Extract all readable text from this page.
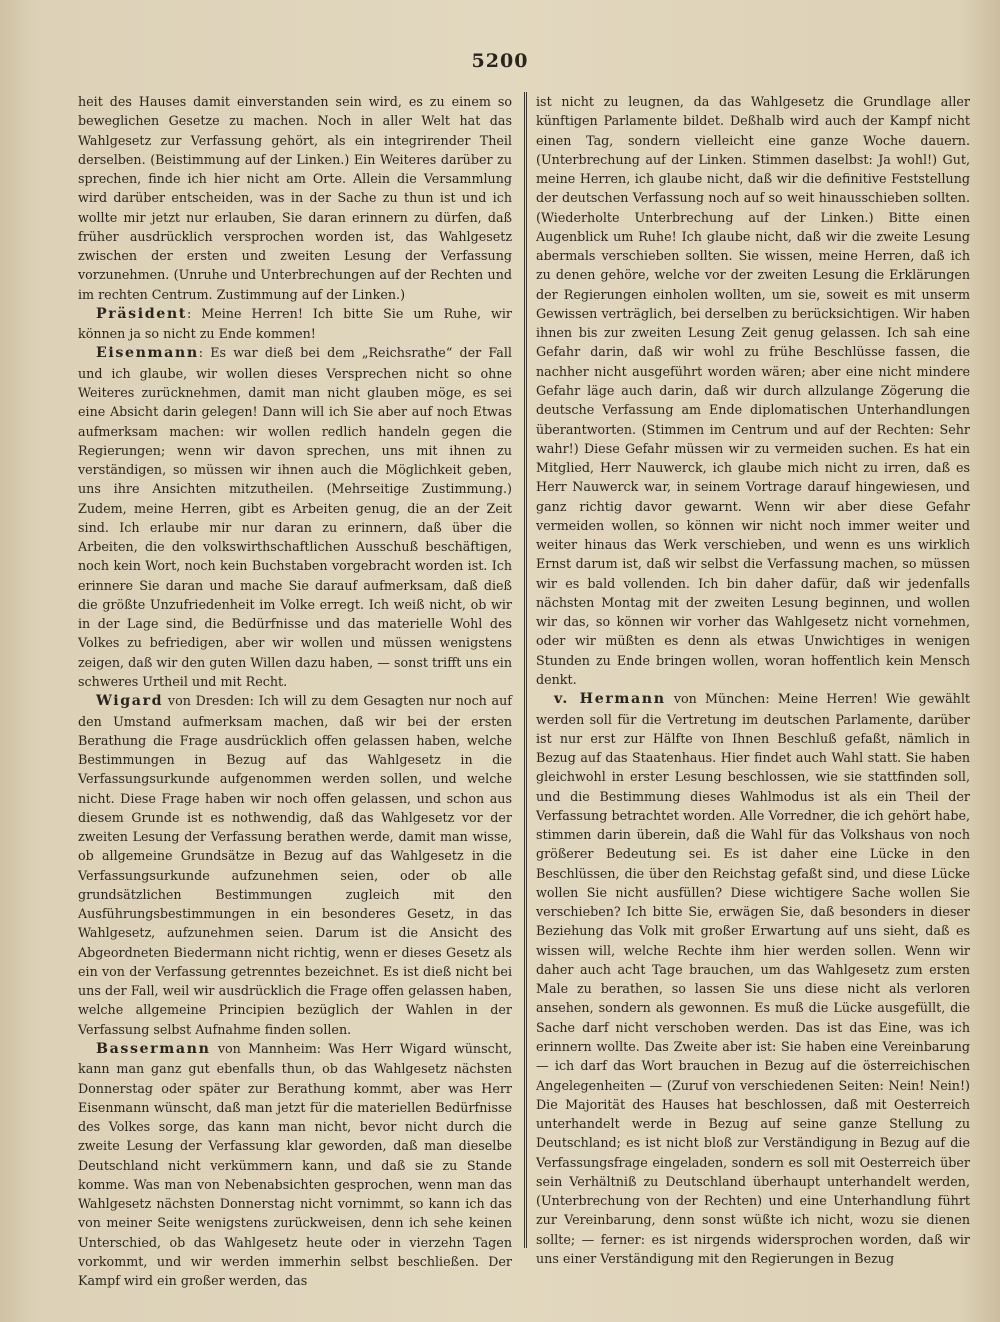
5200

heit des Hauses damit einverstanden sein wird, es zu einem so beweglichen Gesetze zu machen. Noch in aller Welt hat das Wahlgesetz zur Verfassung gehört, als ein integrirender Theil derselben. (Beistimmung auf der Linken.) Ein Weiteres darüber zu sprechen, finde ich hier nicht am Orte. Allein die Versammlung wird darüber entscheiden, was in der Sache zu thun ist und ich wollte mir jetzt nur erlauben, Sie daran erinnern zu dürfen, daß früher ausdrücklich versprochen worden ist, das Wahlgesetz zwischen der ersten und zweiten Lesung der Verfassung vorzunehmen. (Unruhe und Unterbrechungen auf der Rechten und im rechten Centrum. Zustimmung auf der Linken.)

Präsident: Meine Herren! Ich bitte Sie um Ruhe, wir können ja so nicht zu Ende kommen!

Eisenmann: Es war dieß bei dem „Reichsrathe“ der Fall und ich glaube, wir wollen dieses Versprechen nicht so ohne Weiteres zurücknehmen, damit man nicht glauben möge, es sei eine Absicht darin gelegen! Dann will ich Sie aber auf noch Etwas aufmerksam machen: wir wollen redlich handeln gegen die Regierungen; wenn wir davon sprechen, uns mit ihnen zu verständigen, so müssen wir ihnen auch die Möglichkeit geben, uns ihre Ansichten mitzutheilen. (Mehrseitige Zustimmung.) Zudem, meine Herren, gibt es Arbeiten genug, die an der Zeit sind. Ich erlaube mir nur daran zu erinnern, daß über die Arbeiten, die den volkswirthschaftlichen Ausschuß beschäftigen, noch kein Wort, noch kein Buchstaben vorgebracht worden ist. Ich erinnere Sie daran und mache Sie darauf aufmerksam, daß dieß die größte Unzufriedenheit im Volke erregt. Ich weiß nicht, ob wir in der Lage sind, die Bedürfnisse und das materielle Wohl des Volkes zu befriedigen, aber wir wollen und müssen wenigstens zeigen, daß wir den guten Willen dazu haben, — sonst trifft uns ein schweres Urtheil und mit Recht.

Wigard von Dresden: Ich will zu dem Gesagten nur noch auf den Umstand aufmerksam machen, daß wir bei der ersten Berathung die Frage ausdrücklich offen gelassen haben, welche Bestimmungen in Bezug auf das Wahlgesetz in die Verfassungsurkunde aufgenommen werden sollen, und welche nicht. Diese Frage haben wir noch offen gelassen, und schon aus diesem Grunde ist es nothwendig, daß das Wahlgesetz vor der zweiten Lesung der Verfassung berathen werde, damit man wisse, ob allgemeine Grundsätze in Bezug auf das Wahlgesetz in die Verfassungsurkunde aufzunehmen seien, oder ob alle grundsätzlichen Bestimmungen zugleich mit den Ausführungsbestimmungen in ein besonderes Gesetz, in das Wahlgesetz, aufzunehmen seien. Darum ist die Ansicht des Abgeordneten Biedermann nicht richtig, wenn er dieses Gesetz als ein von der Verfassung getrenntes bezeichnet. Es ist dieß nicht bei uns der Fall, weil wir ausdrücklich die Frage offen gelassen haben, welche allgemeine Principien bezüglich der Wahlen in der Verfassung selbst Aufnahme finden sollen.

Bassermann von Mannheim: Was Herr Wigard wünscht, kann man ganz gut ebenfalls thun, ob das Wahlgesetz nächsten Donnerstag oder später zur Berathung kommt, aber was Herr Eisenmann wünscht, daß man jetzt für die materiellen Bedürfnisse des Volkes sorge, das kann man nicht, bevor nicht durch die zweite Lesung der Verfassung klar geworden, daß man dieselbe Deutschland nicht verkümmern kann, und daß sie zu Stande komme. Was man von Nebenabsichten gesprochen, wenn man das Wahlgesetz nächsten Donnerstag nicht vornimmt, so kann ich das von meiner Seite wenigstens zurückweisen, denn ich sehe keinen Unterschied, ob das Wahlgesetz heute oder in vierzehn Tagen vorkommt, und wir werden immerhin selbst beschließen. Der Kampf wird ein großer werden, das

ist nicht zu leugnen, da das Wahlgesetz die Grundlage aller künftigen Parlamente bildet. Deßhalb wird auch der Kampf nicht einen Tag, sondern vielleicht eine ganze Woche dauern. (Unterbrechung auf der Linken. Stimmen daselbst: Ja wohl!) Gut, meine Herren, ich glaube nicht, daß wir die definitive Feststellung der deutschen Verfassung noch auf so weit hinausschieben sollten. (Wiederholte Unterbrechung auf der Linken.) Bitte einen Augenblick um Ruhe! Ich glaube nicht, daß wir die zweite Lesung abermals verschieben sollten. Sie wissen, meine Herren, daß ich zu denen gehöre, welche vor der zweiten Lesung die Erklärungen der Regierungen einholen wollten, um sie, soweit es mit unserm Gewissen verträglich, bei derselben zu berücksichtigen. Wir haben ihnen bis zur zweiten Lesung Zeit genug gelassen. Ich sah eine Gefahr darin, daß wir wohl zu frühe Beschlüsse fassen, die nachher nicht ausgeführt worden wären; aber eine nicht mindere Gefahr läge auch darin, daß wir durch allzulange Zögerung die deutsche Verfassung am Ende diplomatischen Unterhandlungen überantworten. (Stimmen im Centrum und auf der Rechten: Sehr wahr!) Diese Gefahr müssen wir zu vermeiden suchen. Es hat ein Mitglied, Herr Nauwerck, ich glaube mich nicht zu irren, daß es Herr Nauwerck war, in seinem Vortrage darauf hingewiesen, und ganz richtig davor gewarnt. Wenn wir aber diese Gefahr vermeiden wollen, so können wir nicht noch immer weiter und weiter hinaus das Werk verschieben, und wenn es uns wirklich Ernst darum ist, daß wir selbst die Verfassung machen, so müssen wir es bald vollenden. Ich bin daher dafür, daß wir jedenfalls nächsten Montag mit der zweiten Lesung beginnen, und wollen wir das, so können wir vorher das Wahlgesetz nicht vornehmen, oder wir müßten es denn als etwas Unwichtiges in wenigen Stunden zu Ende bringen wollen, woran hoffentlich kein Mensch denkt.

v. Hermann von München: Meine Herren! Wie gewählt werden soll für die Vertretung im deutschen Parlamente, darüber ist nur erst zur Hälfte von Ihnen Beschluß gefaßt, nämlich in Bezug auf das Staatenhaus. Hier findet auch Wahl statt. Sie haben gleichwohl in erster Lesung beschlossen, wie sie stattfinden soll, und die Bestimmung dieses Wahlmodus ist als ein Theil der Verfassung betrachtet worden. Alle Vorredner, die ich gehört habe, stimmen darin überein, daß die Wahl für das Volkshaus von noch größerer Bedeutung sei. Es ist daher eine Lücke in den Beschlüssen, die über den Reichstag gefaßt sind, und diese Lücke wollen Sie nicht ausfüllen? Diese wichtigere Sache wollen Sie verschieben? Ich bitte Sie, erwägen Sie, daß besonders in dieser Beziehung das Volk mit großer Erwartung auf uns sieht, daß es wissen will, welche Rechte ihm hier werden sollen. Wenn wir daher auch acht Tage brauchen, um das Wahlgesetz zum ersten Male zu berathen, so lassen Sie uns diese nicht als verloren ansehen, sondern als gewonnen. Es muß die Lücke ausgefüllt, die Sache darf nicht verschoben werden. Das ist das Eine, was ich erinnern wollte. Das Zweite aber ist: Sie haben eine Vereinbarung — ich darf das Wort brauchen in Bezug auf die österreichischen Angelegenheiten — (Zuruf von verschiedenen Seiten: Nein! Nein!) Die Majorität des Hauses hat beschlossen, daß mit Oesterreich unterhandelt werde in Bezug auf seine ganze Stellung zu Deutschland; es ist nicht bloß zur Verständigung in Bezug auf die Verfassungsfrage eingeladen, sondern es soll mit Oesterreich über sein Verhältniß zu Deutschland überhaupt unterhandelt werden, (Unterbrechung von der Rechten) und eine Unterhandlung führt zur Vereinbarung, denn sonst wüßte ich nicht, wozu sie dienen sollte; — ferner: es ist nirgends widersprochen worden, daß wir uns einer Verständigung mit den Regierungen in Bezug
